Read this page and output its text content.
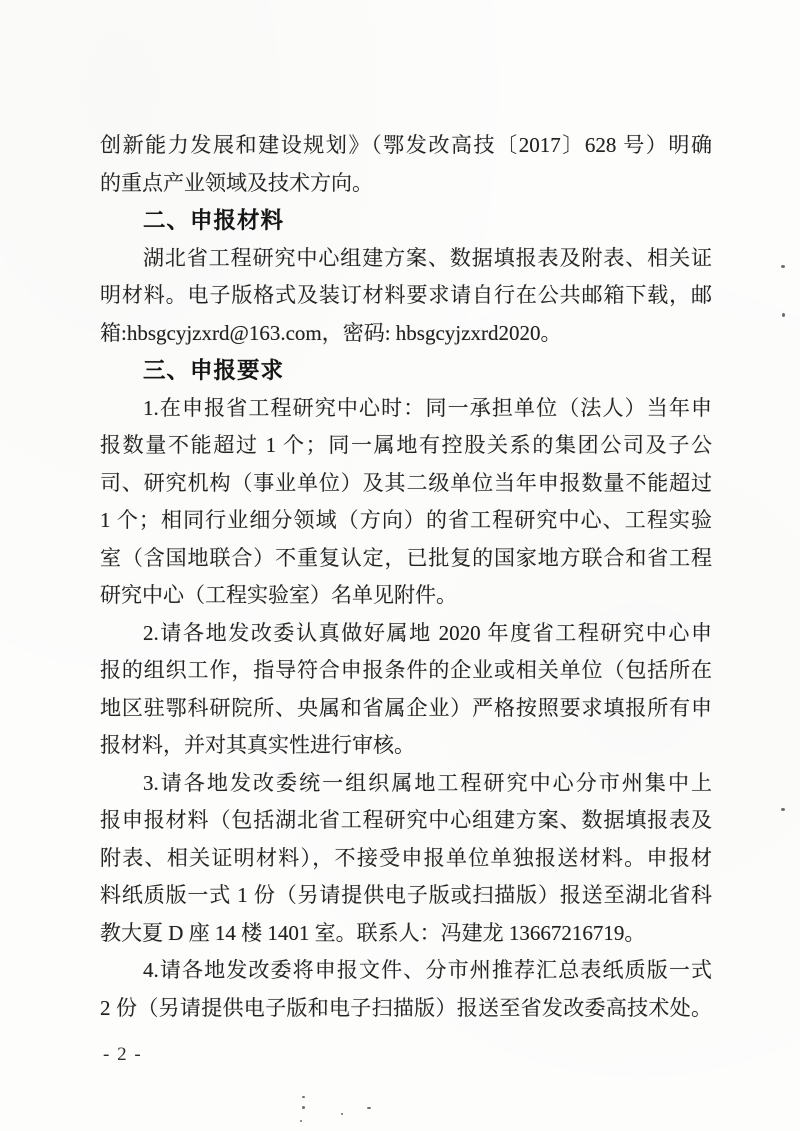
创新能力发展和建设规划》（鄂发改高技〔2017〕628 号）明确
的重点产业领域及技术方向。
二、申报材料
湖北省工程研究中心组建方案、数据填报表及附表、相关证
明材料。电子版格式及装订材料要求请自行在公共邮箱下载，邮
箱:hbsgcyjzxrd@163.com，密码: hbsgcyjzxrd2020。
三、申报要求
1.在申报省工程研究中心时：同一承担单位（法人）当年申
报数量不能超过 1 个；同一属地有控股关系的集团公司及子公
司、研究机构（事业单位）及其二级单位当年申报数量不能超过
1 个；相同行业细分领域（方向）的省工程研究中心、工程实验
室（含国地联合）不重复认定，已批复的国家地方联合和省工程
研究中心（工程实验室）名单见附件。
2.请各地发改委认真做好属地 2020 年度省工程研究中心申
报的组织工作，指导符合申报条件的企业或相关单位（包括所在
地区驻鄂科研院所、央属和省属企业）严格按照要求填报所有申
报材料，并对其真实性进行审核。
3.请各地发改委统一组织属地工程研究中心分市州集中上
报申报材料（包括湖北省工程研究中心组建方案、数据填报表及
附表、相关证明材料），不接受申报单位单独报送材料。申报材
料纸质版一式 1 份（另请提供电子版或扫描版）报送至湖北省科
教大夏 D 座 14 楼 1401 室。联系人：冯建龙 13667216719。
4.请各地发改委将申报文件、分市州推荐汇总表纸质版一式
2 份（另请提供电子版和电子扫描版）报送至省发改委高技术处。
- 2 -
